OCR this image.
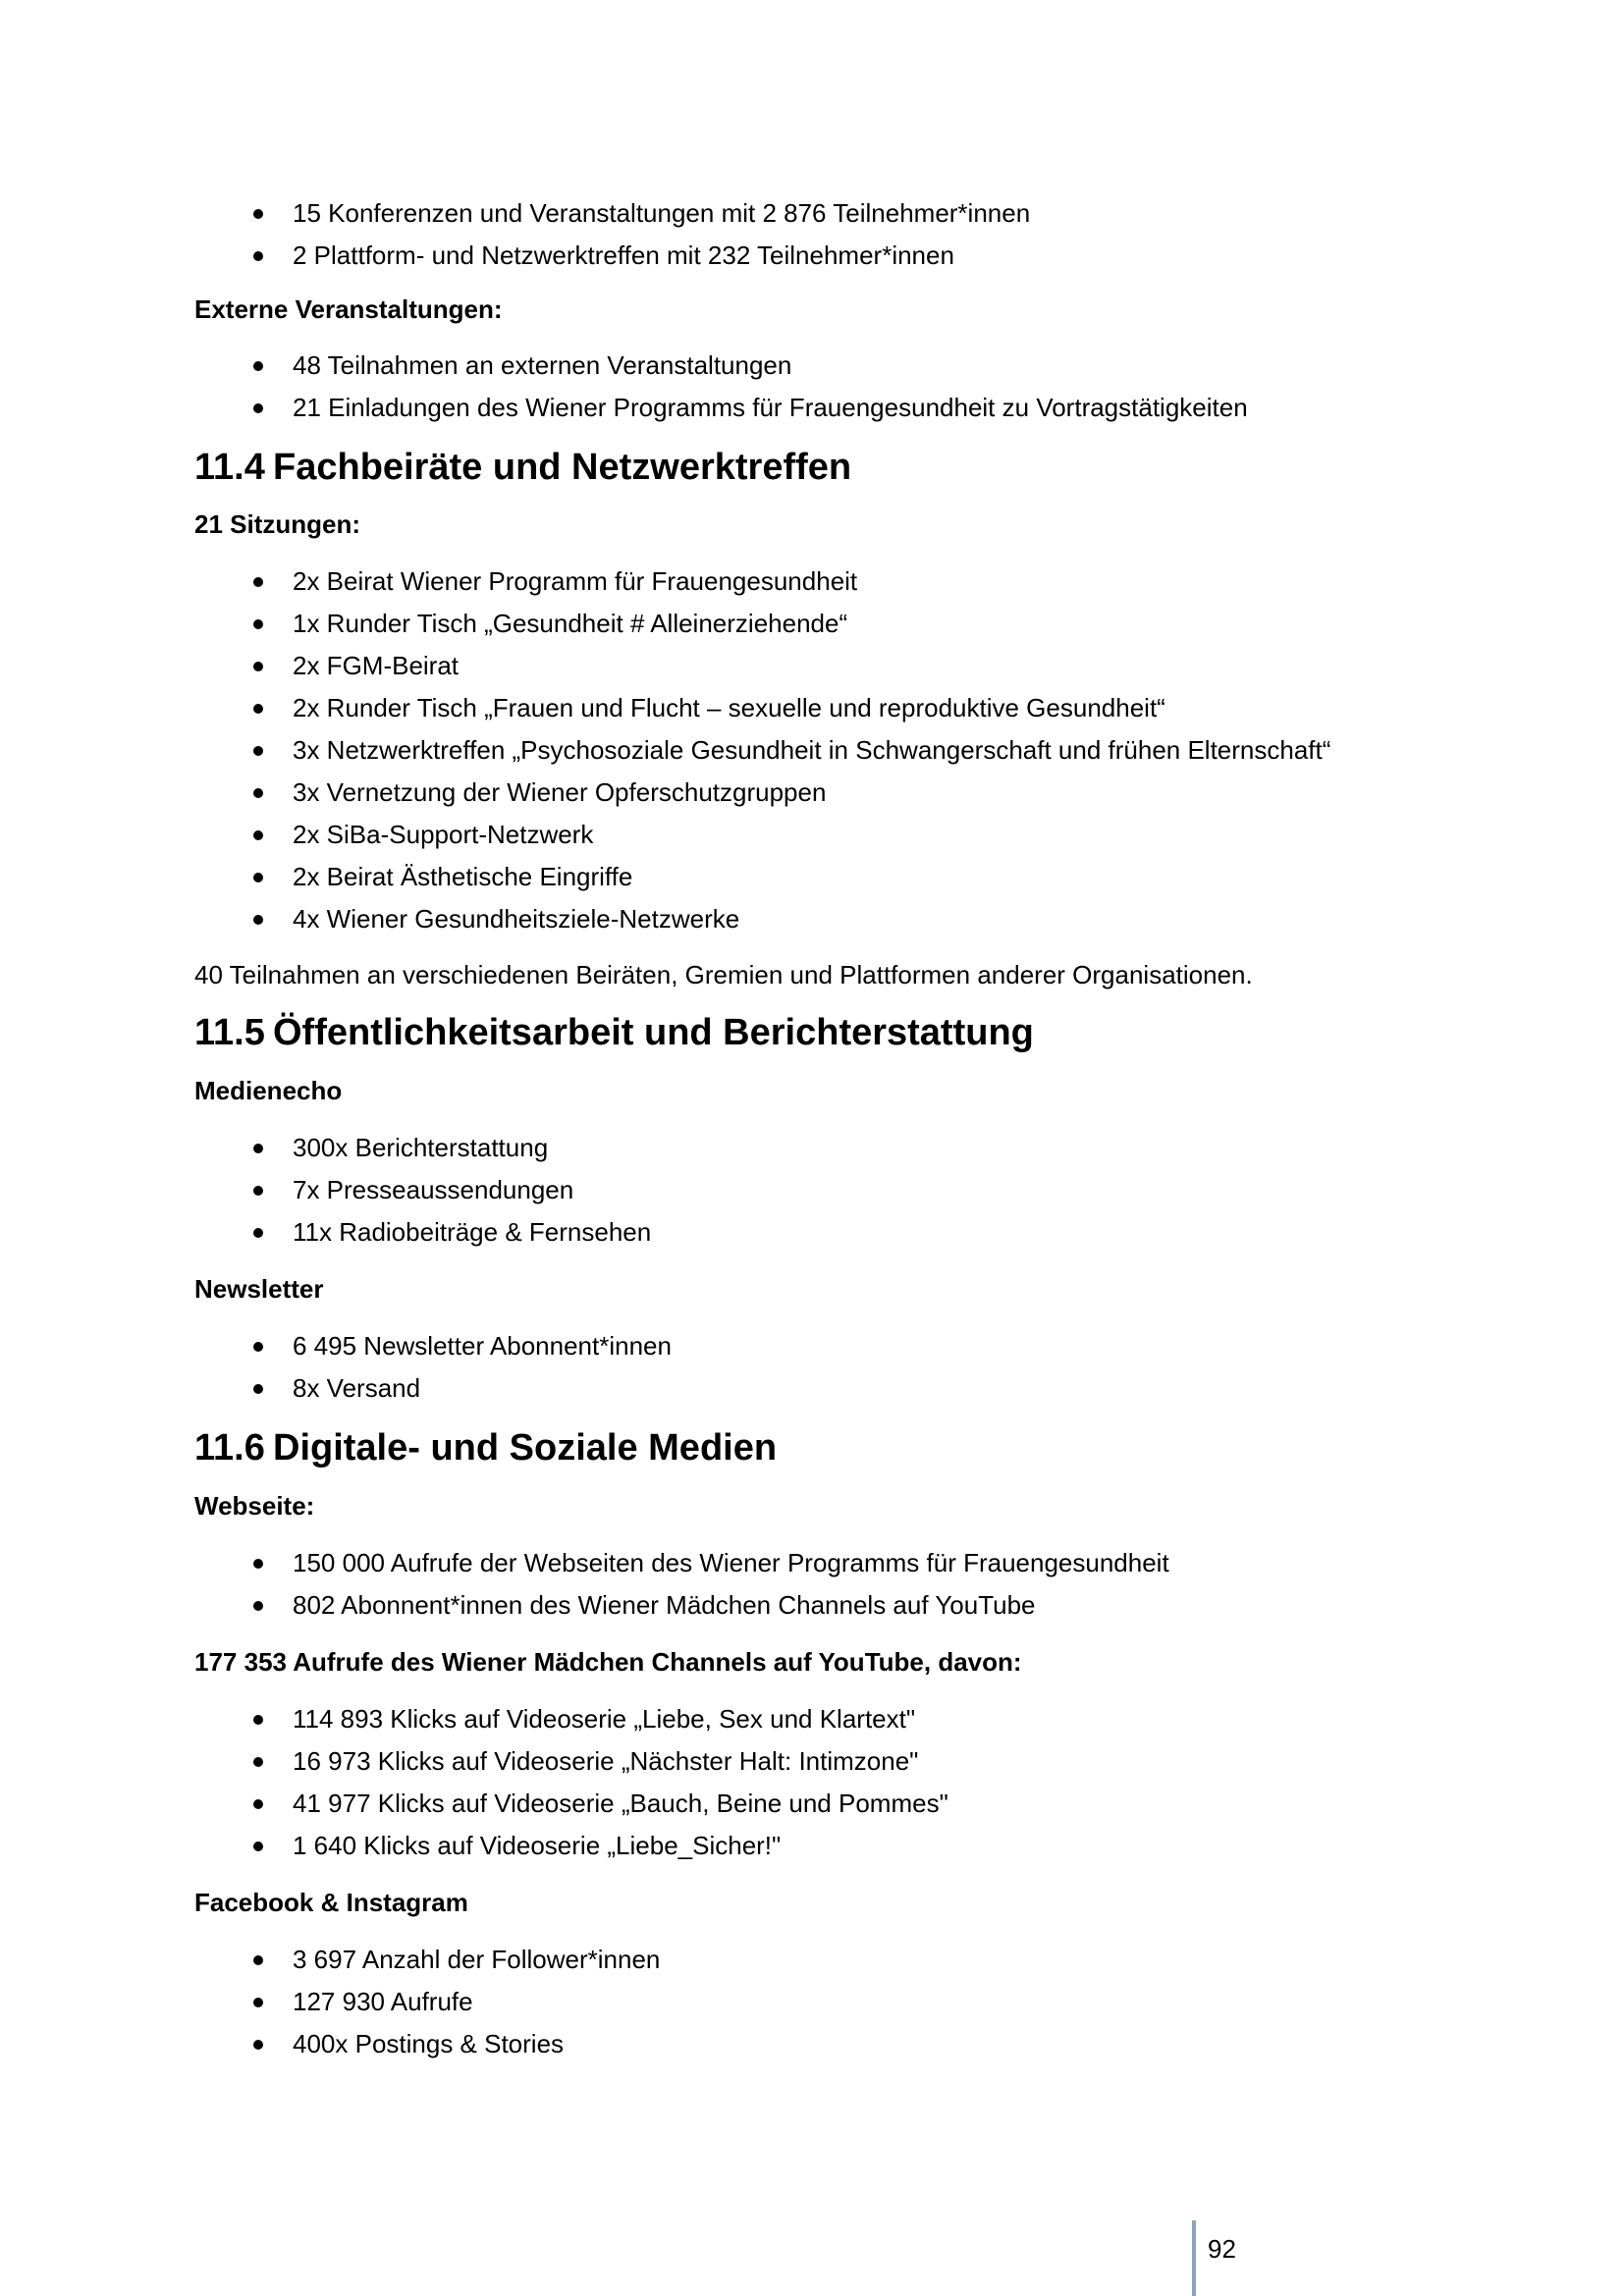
15 Konferenzen und Veranstaltungen mit 2 876 Teilnehmer*innen
2 Plattform- und Netzwerktreffen mit 232 Teilnehmer*innen
Externe Veranstaltungen:
48 Teilnahmen an externen Veranstaltungen
21 Einladungen des Wiener Programms für Frauengesundheit zu Vortragstätigkeiten
11.4 Fachbeiräte und Netzwerktreffen
21 Sitzungen:
2x Beirat Wiener Programm für Frauengesundheit
1x Runder Tisch „Gesundheit # Alleinerziehende“
2x FGM-Beirat
2x Runder Tisch „Frauen und Flucht – sexuelle und reproduktive Gesundheit“
3x Netzwerktreffen „Psychosoziale Gesundheit in Schwangerschaft und frühen Elternschaft“
3x Vernetzung der Wiener Opferschutzgruppen
2x SiBa-Support-Netzwerk
2x Beirat Ästhetische Eingriffe
4x Wiener Gesundheitsziele-Netzwerke
40 Teilnahmen an verschiedenen Beiräten, Gremien und Plattformen anderer Organisationen.
11.5 Öffentlichkeitsarbeit und Berichterstattung
Medienecho
300x Berichterstattung
7x Presseaussendungen
11x Radiobeiträge & Fernsehen
Newsletter
6 495 Newsletter Abonnent*innen
8x Versand
11.6 Digitale- und Soziale Medien
Webseite:
150 000 Aufrufe der Webseiten des Wiener Programms für Frauengesundheit
802 Abonnent*innen des Wiener Mädchen Channels auf YouTube
177 353 Aufrufe des Wiener Mädchen Channels auf YouTube, davon:
114 893 Klicks auf Videoserie „Liebe, Sex und Klartext"
16 973 Klicks auf Videoserie „Nächster Halt: Intimzone"
41 977 Klicks auf Videoserie „Bauch, Beine und Pommes"
1 640 Klicks auf Videoserie „Liebe_Sicher!"
Facebook & Instagram
3 697 Anzahl der Follower*innen
127 930 Aufrufe
400x Postings & Stories
92
